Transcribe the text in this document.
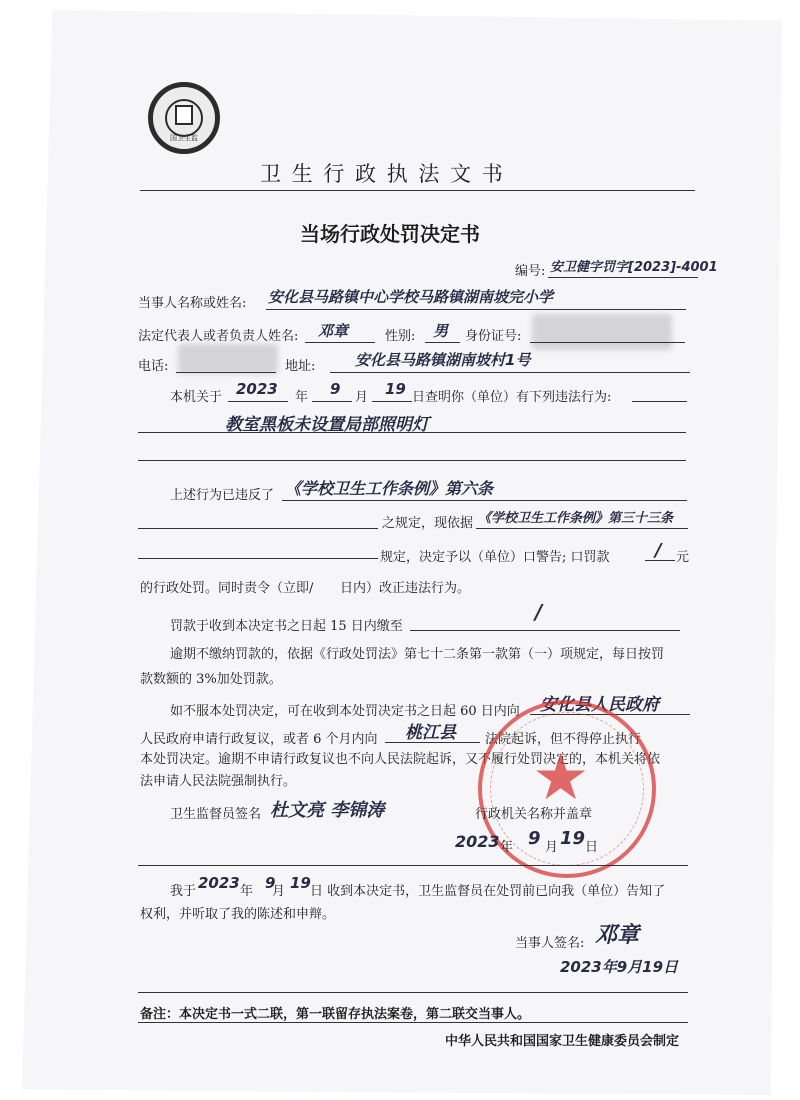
国卫生监
卫 生 行 政 执 法 文 书
当场行政处罚决定书
编号: 安卫健字罚字[2023]-4001
当事人名称或姓名: 安化县马路镇中心学校马路镇湖南坡完小学
法定代表人或者负责人姓名: 邓章	性别: 男 身份证号:
电话:	地址:	安化县马路镇湖南坡村1号
本机关于 2023 年 9 月 19 日查明你（单位）有下列违法行为:
教室黑板未设置局部照明灯
上述行为已违反了 《学校卫生工作条例》第六条
之规定，现依据 《学校卫生工作条例》第三十三条
规定，决定予以（单位）口警告; 口罚款	/ 元
的行政处罚。同时责令（立即/ 日内）改正违法行为。
罚款于收到本决定书之日起 15 日内缴至
/
逾期不缴纳罚款的，依据《行政处罚法》第七十二条第一款第（一）项规定，每日按罚
款数额的 3%加处罚款。
如不服本处罚决定，可在收到本处罚决定书之日起 60 日内向 安化县人民政府
人民政府申请行政复议，或者 6 个月内向 桃江县 法院起诉，但不得停止执行
本处罚决定。逾期不申请行政复议也不向人民法院起诉，又不履行处罚决定的，本机关将依
法申请人民法院强制执行。	★
卫生监督员签名 杜文亮 李锦涛	行政机关名称并盖章
2023 年 9 月 19 日
我于 2023 年 9
月 19 日 收到本决定书，卫生监督员在处罚前已向我（单位）告知了
权利，并听取了我的陈述和申辩。
当事人签名: 邓章
2023年9月19日
备注：本决定书一式二联，第一联留存执法案卷，第二联交当事人。
中华人民共和国国家卫生健康委员会制定
